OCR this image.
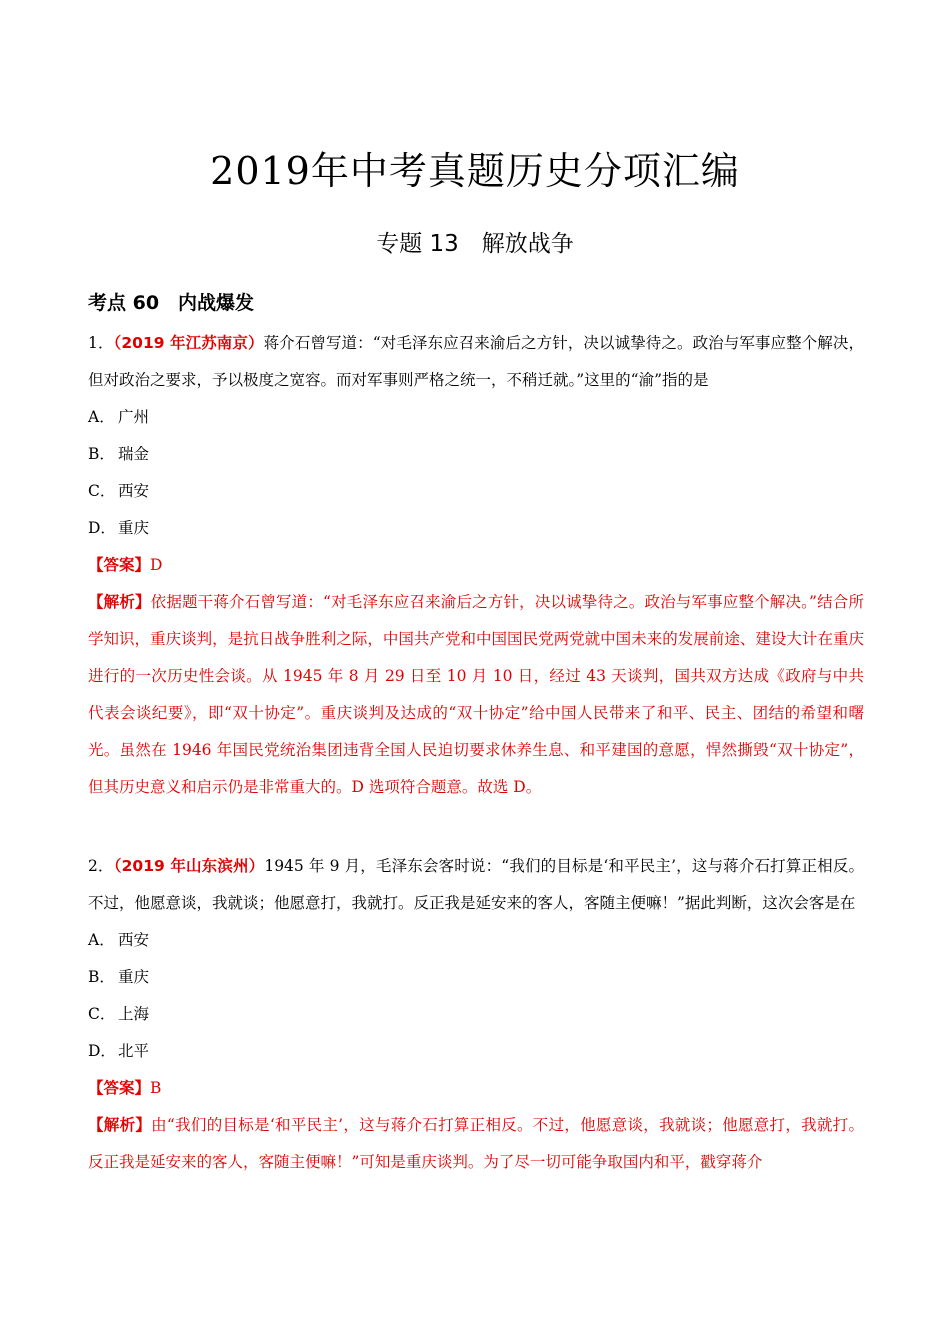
2019年中考真题历史分项汇编
专题 13　解放战争
考点 60　内战爆发

1．（2019 年江苏南京）蒋介石曾写道：“对毛泽东应召来渝后之方针，决以诚挚待之。政治与军事应整个解决，但对政治之要求，予以极度之宽容。而对军事则严格之统一，不稍迁就。”这里的“渝”指的是

A． 广州

B． 瑞金

C． 西安

D． 重庆

【答案】D

【解析】依据题干蒋介石曾写道：“对毛泽东应召来渝后之方针，决以诚挚待之。政治与军事应整个解决。”结合所学知识，重庆谈判，是抗日战争胜利之际，中国共产党和中国国民党两党就中国未来的发展前途、建设大计在重庆进行的一次历史性会谈。从 1945 年 8 月 29 日至 10 月 10 日，经过 43 天谈判，国共双方达成《政府与中共代表会谈纪要》，即“双十协定”。重庆谈判及达成的“双十协定”给中国人民带来了和平、民主、团结的希望和曙光。虽然在 1946 年国民党统治集团违背全国人民迫切要求休养生息、和平建国的意愿，悍然撕毁“双十协定”，但其历史意义和启示仍是非常重大的。D 选项符合题意。故选 D。

2．（2019 年山东滨州）1945 年 9 月，毛泽东会客时说：“我们的目标是‘和平民主’，这与蒋介石打算正相反。不过，他愿意谈，我就谈；他愿意打，我就打。反正我是延安来的客人，客随主便嘛！”据此判断，这次会客是在

A． 西安

B． 重庆

C． 上海

D． 北平

【答案】B

【解析】由“我们的目标是‘和平民主’，这与蒋介石打算正相反。不过，他愿意谈，我就谈；他愿意打，我就打。反正我是延安来的客人，客随主便嘛！”可知是重庆谈判。为了尽一切可能争取国内和平，戳穿蒋介
